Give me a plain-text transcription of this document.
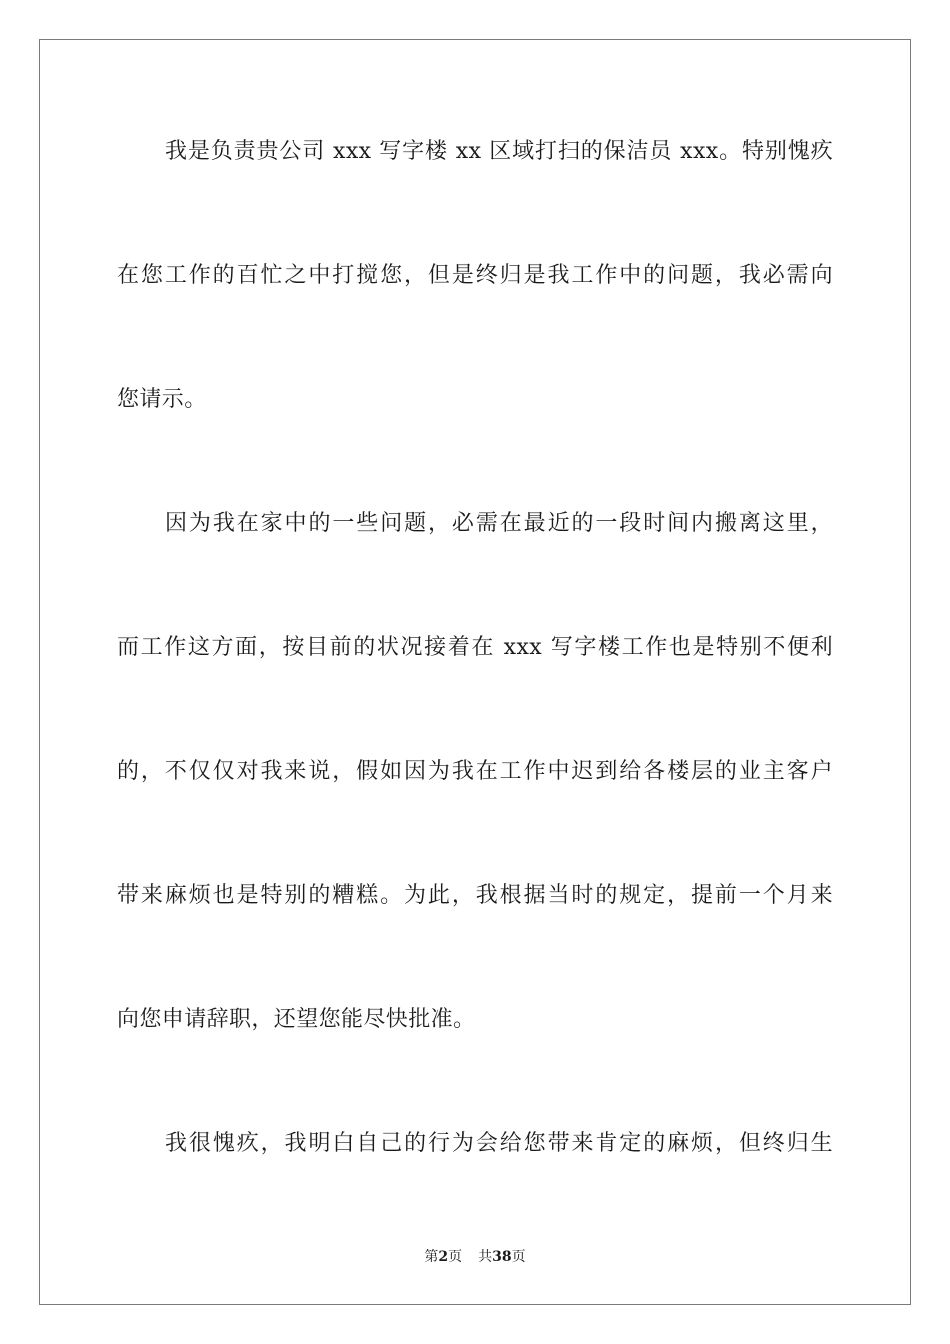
我是负责贵公司 xxx 写字楼 xx 区域打扫的保洁员 xxx。特别愧疚
在您工作的百忙之中打搅您，但是终归是我工作中的问题，我必需向
您请示。
因为我在家中的一些问题，必需在最近的一段时间内搬离这里，
而工作这方面，按目前的状况接着在 xxx 写字楼工作也是特别不便利
的，不仅仅对我来说，假如因为我在工作中迟到给各楼层的业主客户
带来麻烦也是特别的糟糕。为此，我根据当时的规定，提前一个月来
向您申请辞职，还望您能尽快批准。
我很愧疚，我明白自己的行为会给您带来肯定的麻烦，但终归生
第2页 共38页
